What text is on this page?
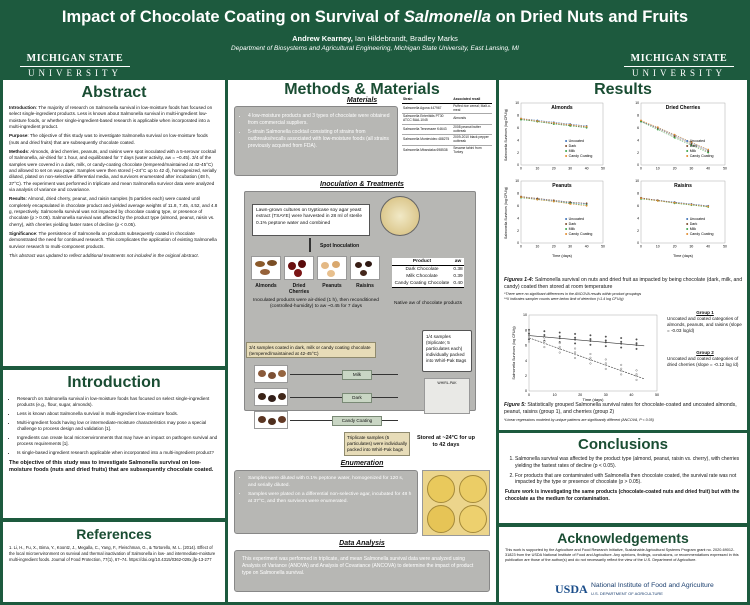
Impact of Chocolate Coating on Survival of Salmonella on Dried Nuts and Fruits
Andrew Kearney, Ian Hildebrandt, Bradley Marks
Department of Biosystems and Agricultural Engineering, Michigan State University, East Lansing, MI
MICHIGAN STATE
UNIVERSITY
MICHIGAN STATE
UNIVERSITY
Abstract

Introduction: The majority of research on Salmonella survival in low-moisture foods has focused on select single-ingredient products. Less is known about Salmonella survival in multi-ingredient low-moisture foods, or whether single-ingredient-based research is applicable when incorporated into a multi-ingredient product.

Purpose: The objective of this study was to investigate Salmonella survival on low-moisture foods (nuts and dried fruits) that are subsequently chocolate coated.

Methods: Almonds, dried cherries, peanuts, and raisins were spot inoculated with a 5-serovar cocktail of Salmonella, air-dried for 1 hour, and equilibrated for 7 days (water activity, aw = ~0.45). 3/4 of the samples were covered in a dark, milk, or candy-coating chocolate (tempered/maintained at 42-45°C) and allowed to set on wax paper. Samples were then stored (~24°C up to 42 d), homogenized, serially diluted, plated on non-selective differential media, and survivors enumerated after incubation (48 h, 37°C). The experiment was performed in triplicate and mean Salmonella survivor data were analyzed via analysis of variance and covariance.

Results: Almond, dried cherry, peanut, and raisin samples (5 particles each) were coated until completely encapsulated in chocolate product and yielded average weights of 11.8, 7.45, 4.52, and 4.8 g, respectively. Salmonella survival was not impacted by chocolate coating type, or presence of chocolate (p > 0.05). Salmonella survival was affected by the product type (almond, peanut, raisin vs. cherry), with cherries yielding faster rates of decline (p < 0.05).

Significance: The persistence of Salmonella on products subsequently coated in chocolate demonstrated the need for continued research. This complicates the application of existing Salmonella survivor research to multi-component products.

This abstract was updated to reflect additional treatments not included in the original abstract.

Introduction
• Research on Salmonella survival in low-moisture foods has focused on select single-ingredient products (e.g., flour, sugar, almonds).
• Less is known about Salmonella survival in multi-ingredient low-moisture foods.
• Multi-ingredient foods having low or intermediate-moisture characteristics may pose a special challenge to process design and validation [1].
• Ingredients can create local microenvironments that may have an impact on pathogen survival and process requirements [1].
• Is single-based ingredient research applicable when incorporated into a multi-ingredient product?
The objective of this study was to investigate Salmonella survival on low-moisture foods (nuts and dried fruits) that are subsequently chocolate coated.
References
1. Li, H., Fu, X., Bima, Y., Koontz, J., Megalla, C., Yang, F., Fleischman, G., & Tortorello, M. L. (2014). Effect of the local microenvironment on survival and thermal inactivation of Salmonella in low- and intermediate-moisture multi-ingredient foods. Journal of Food Protection, 77(1), 67–74. https://doi.org/10.4315/0362-028x.jfp-13-277
Methods & Materials
Materials
• 4 low-moisture products and 3 types of chocolate were obtained from commercial suppliers.
• 5-strain Salmonella cocktail consisting of strains from outbreaks/recalls associated with low-moisture foods (all strains previously acquired from FDA).
Strain	Associated recall
Salmonella Agona 447967	Puffed rice cereal; Malt-o-meal
Salmonella Enteritidis PT30 ATCC BAA-1045	Almonds
Salmonella Tennessee K4643	2008 peanut butter outbreak
Salmonella Montevideo 488275	2009-2010 black pepper outbreak
Salmonella Mbandaka 698538	Sesame tahini from Turkey
Inoculation & Treatments
Lawn-grown cultures on trypticase soy agar yeast extract (TSAYE) were harvested in 28 ml of sterile 0.1% peptone water and combined
Spot Inoculation
Almonds	Dried Cherries
Peanuts	Raisins
Inoculated products were air-dried (1 h), then reconditioned (controlled-humidity) to aw ~0.45 for 7 days
Product	aw
Dark Chocolate	0.38
Milk Chocolate	0.39
Candy Coating Chocolate	0.40
Native aw of chocolate products
3/4 samples coated in dark, milk or candy coating chocolate (tempered/maintained at 42-45°C)
1/4 samples (triplicate; 5 particulates each) individually packed into Whirl-Pak Bags
Milk
Dark
Candy Coating
WHIRL-PAK
Triplicate samples (5 particulates) were individually packed into Whirl-Pak bags
Stored at ~24°C for up to 42 days
Enumeration
• Samples were diluted with 0.1% peptone water, homogenized for 120 s, and serially diluted.
• Samples were plated on a differential non-selective agar, incubated for 48 h at 37°C, and then survivors were enumerated.
Data Analysis
This experiment was performed in triplicate, and mean Salmonella survival data were analyzed using Analysis of Variance (ANOVA) and Analysis of Covariance (ANCOVA) to determine the impact of product type on Salmonella survival.
Results
Almonds
0
2
4
6
8
10
0	10	20	30	40	50
Uncoated
Dark
Milk
Candy Coating
Dried Cherries
0
2
4
6
8
10
0	10	20	30	40	50
Uncoated
Dark
Milk
Candy Coating
Peanuts
0
2
4
6
8
10
0	10	20	30	40	50
Uncoated
Dark
Milk
Candy Coating
Raisins
0
2
4
6
8
10
0	10	20	30	40	50
Uncoated
Dark
Milk
Candy Coating
Salmonella Survivors (log CFU/g)
Salmonella Survivors (log CFU/g)
Time (days)	Time (days)
0
2
4
6
8
10
0	10	20	30	40	50
Time (days)
Salmonella Survivors (log CFU/g)
Figures 1-4: Salmonella survival on nuts and dried fruit as impacted by being chocolate (dark, milk, and candy) coated then stored at room temperature
*There were no significant differences in the ANCOVA results within product groupings
**X indicates sampler counts were below limit of detection (<1.4 log CFU/g)
Group 1
Uncoated and coated categories of almonds, peanuts, and raisins (slope = -0.03 log/d)
Group 2
Uncoated and coated categories of dried cherries (slope = -0.12 log /d)
Figure 5: Statistically grouped Salmonella survival rates for chocolate-coated and uncoated almonds, peanut, raisins (group 1), and cherries (group 2)
*Linear regressions modeled by unique patterns are significantly different (ANCOVA, P < 0.05)
Conclusions
1. Salmonella survival was affected by the product type (almond, peanut, raisin vs. cherry), with cherries yielding the fastest rates of decline (p < 0.05).
2. For products that are contaminated with Salmonella then chocolate coated, the survival rate was not impacted by the type or presence of chocolate (p > 0.05).
Future work is investigating the same products (chocolate-coated nuts and dried fruit) but with the chocolate as the medium for contamination.
Acknowledgements
This work is supported by the Agriculture and Food Research Initiative, Sustainable Agricultural Systems Program grant no. 2020-69012-31823 from the USDA National Institute of Food and Agriculture. Any opinions, findings, conclusions, or recommendations expressed in this publication are those of the author(s) and do not necessarily reflect the view of the U.S. Department of Agriculture.
USDA National Institute of Food and Agriculture
U.S. DEPARTMENT OF AGRICULTURE
